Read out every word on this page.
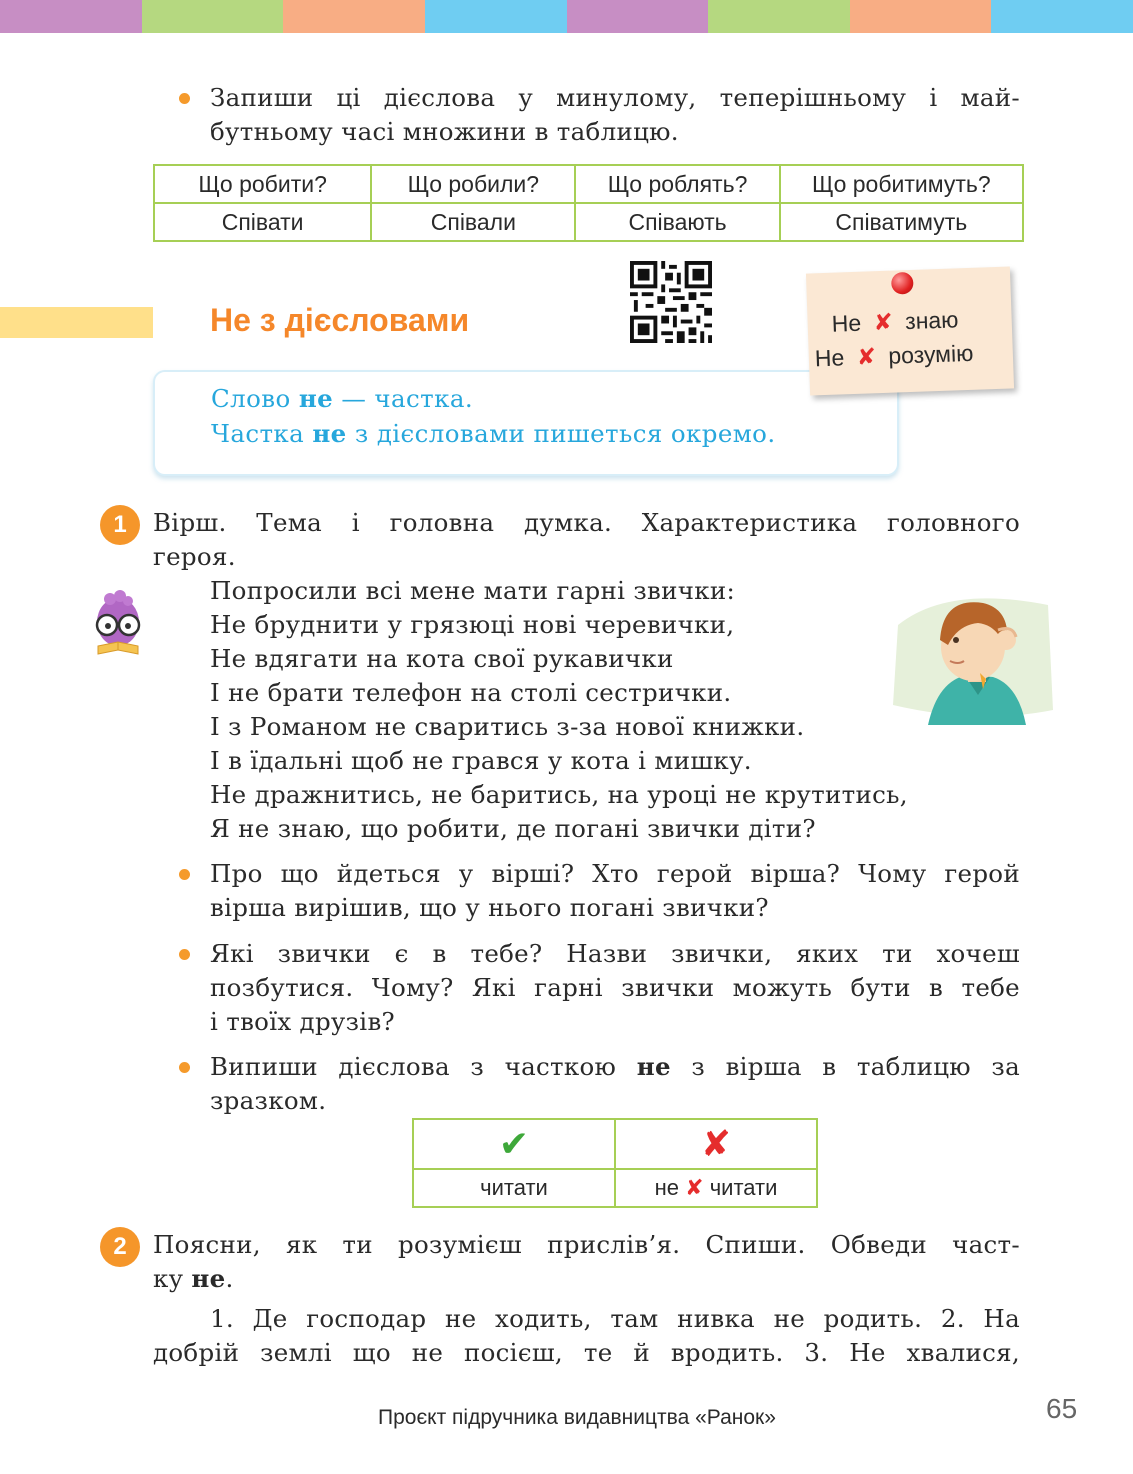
Запиши ці дієслова у минулому, теперішньому і май-
бутньому часі множини в таблицю.
Що робити?	Що робили?	Що роблять?	Що робитимуть?
Співати	Співали	Співають	Співатимуть
Не з дієсловами
Слово не — частка.
Частка не з дієсловами пишеться окремо.
Не ✘ знаю
Не ✘ розумію
1	Вірш. Тема і головна думка. Характеристика головного
героя.
Попросили всі мене мати гарні звички:
Не бруднити у грязюці нові черевички,
Не вдягати на кота свої рукавички
І не брати телефон на столі сестрички.
І з Романом не сваритись з-за нової книжки.
І в їдальні щоб не грався у кота і мишку.
Не дражнитись, не баритись, на уроці не крутитись,
Я не знаю, що робити, де погані звички діти?
Про що йдеться у вірші? Хто герой вірша? Чому герой
вірша вирішив, що у нього погані звички?
Які звички є в тебе? Назви звички, яких ти хочеш
позбутися. Чому? Які гарні звички можуть бути в тебе
і твоїх друзів?
Випиши дієслова з часткою не з вірша в таблицю за
зразком.
✔	✘
читати	не ✘ читати
2	Поясни, як ти розумієш прислів’я. Спиши. Обведи част-
ку не.
1. Де господар не ходить, там нивка не родить. 2. На
добрій землі що не посієш, те й вродить. 3. Не хвалися,
Проєкт підручника видавництва «Ранок»	65
